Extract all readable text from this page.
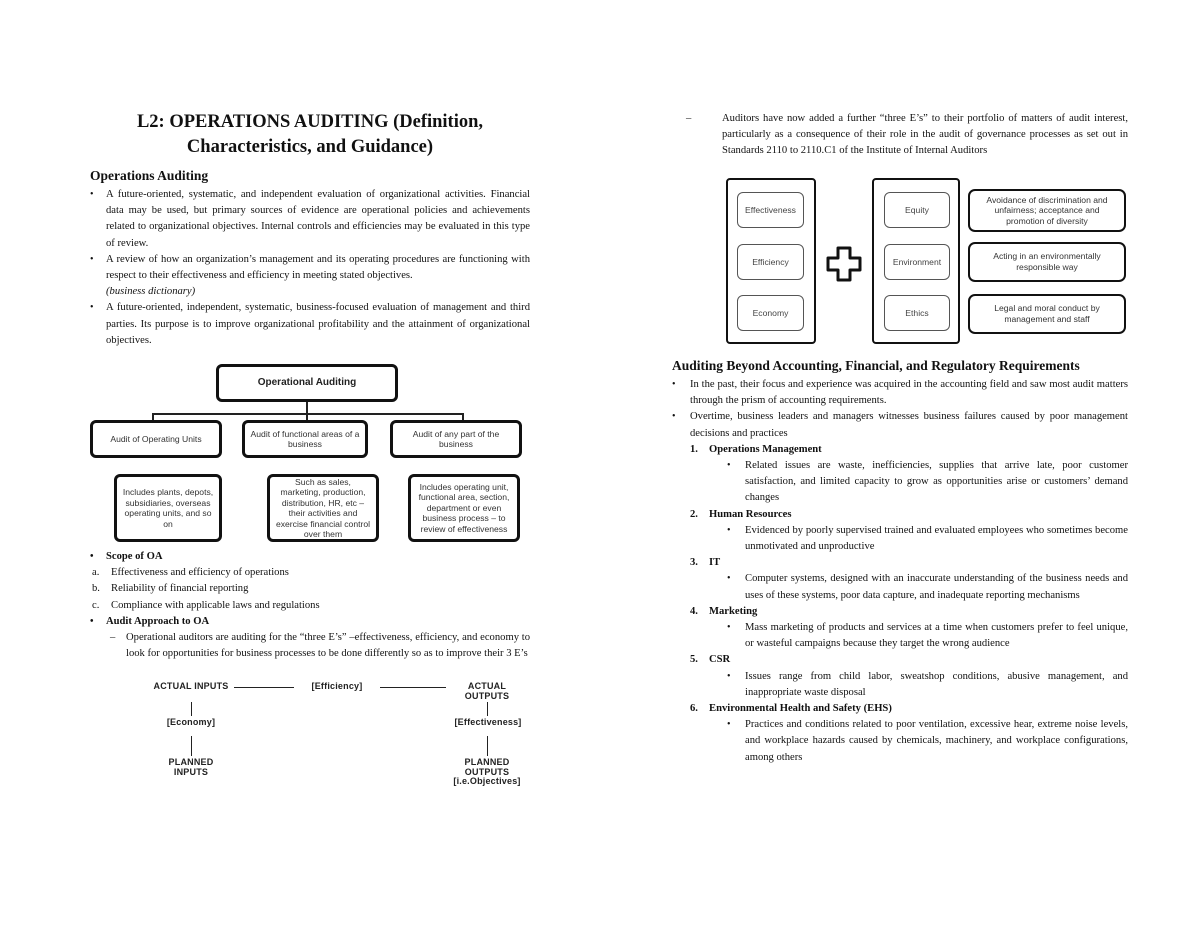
L2: OPERATIONS AUDITING (Definition,
Characteristics, and Guidance)
Operations Auditing
• A future-oriented, systematic, and independent evaluation of organizational activities. Financial data may be used, but primary sources of evidence are operational policies and achievements related to organizational objectives. Internal controls and efficiencies may be evaluated in this type of review.
• A review of how an organization’s management and its operating procedures are functioning with respect to their effectiveness and efficiency in meeting stated objectives.
(business dictionary)
• A future-oriented, independent, systematic, business-focused evaluation of management and third parties. Its purpose is to improve organizational profitability and the attainment of organizational objectives.
Operational Auditing
Audit of Operating Units
Audit of functional areas of a business
Audit of any part of the business
Includes plants, depots, subsidiaries, overseas operating units, and so on
Such as sales, marketing, production, distribution, HR, etc – their activities and exercise financial control over them
Includes operating unit, functional area, section, department or even business process – to review of effectiveness
• Scope of OA
a. Effectiveness and efficiency of operations
b. Reliability of financial reporting
c. Compliance with applicable laws and regulations
• Audit Approach to OA
– Operational auditors are auditing for the “three E’s” –effectiveness, efficiency, and economy to look for opportunities for business processes to be done differently so as to improve their 3 E’s
ACTUAL INPUTS	[Efficiency]	ACTUAL OUTPUTS
[Economy]	[Effectiveness]
PLANNED INPUTS
PLANNED OUTPUTS
[i.e.Objectives]
–	Auditors have now added a further “three E’s” to their portfolio of matters of audit interest, particularly as a consequence of their role in the audit of governance processes as set out in Standards 2110 to 2110.C1 of the Institute of Internal Auditors
Effectiveness
Efficiency
Economy
Equity
Environment
Ethics
Avoidance of discrimination and unfairness; acceptance and promotion of diversity
Acting in an environmentally responsible way
Legal and moral conduct by management and staff
Auditing Beyond Accounting, Financial, and Regulatory Requirements
• In the past, their focus and experience was acquired in the accounting field and saw most audit matters through the prism of accounting requirements.
• Overtime, business leaders and managers witnesses business failures caused by poor management decisions and practices
1. Operations Management
• Related issues are waste, inefficiencies, supplies that arrive late, poor customer satisfaction, and limited capacity to grow as opportunities arise or customers’ demand changes
2. Human Resources
• Evidenced by poorly supervised trained and evaluated employees who sometimes become unmotivated and unproductive
3. IT
• Computer systems, designed with an inaccurate understanding of the business needs and uses of these systems, poor data capture, and inadequate reporting mechanisms
4. Marketing
• Mass marketing of products and services at a time when customers prefer to feel unique, or wasteful campaigns because they target the wrong audience
5. CSR
• Issues range from child labor, sweatshop conditions, abusive management, and inappropriate waste disposal
6. Environmental Health and Safety (EHS)
• Practices and conditions related to poor ventilation, excessive hear, extreme noise levels, and workplace hazards caused by chemicals, machinery, and workplace configurations, among others
